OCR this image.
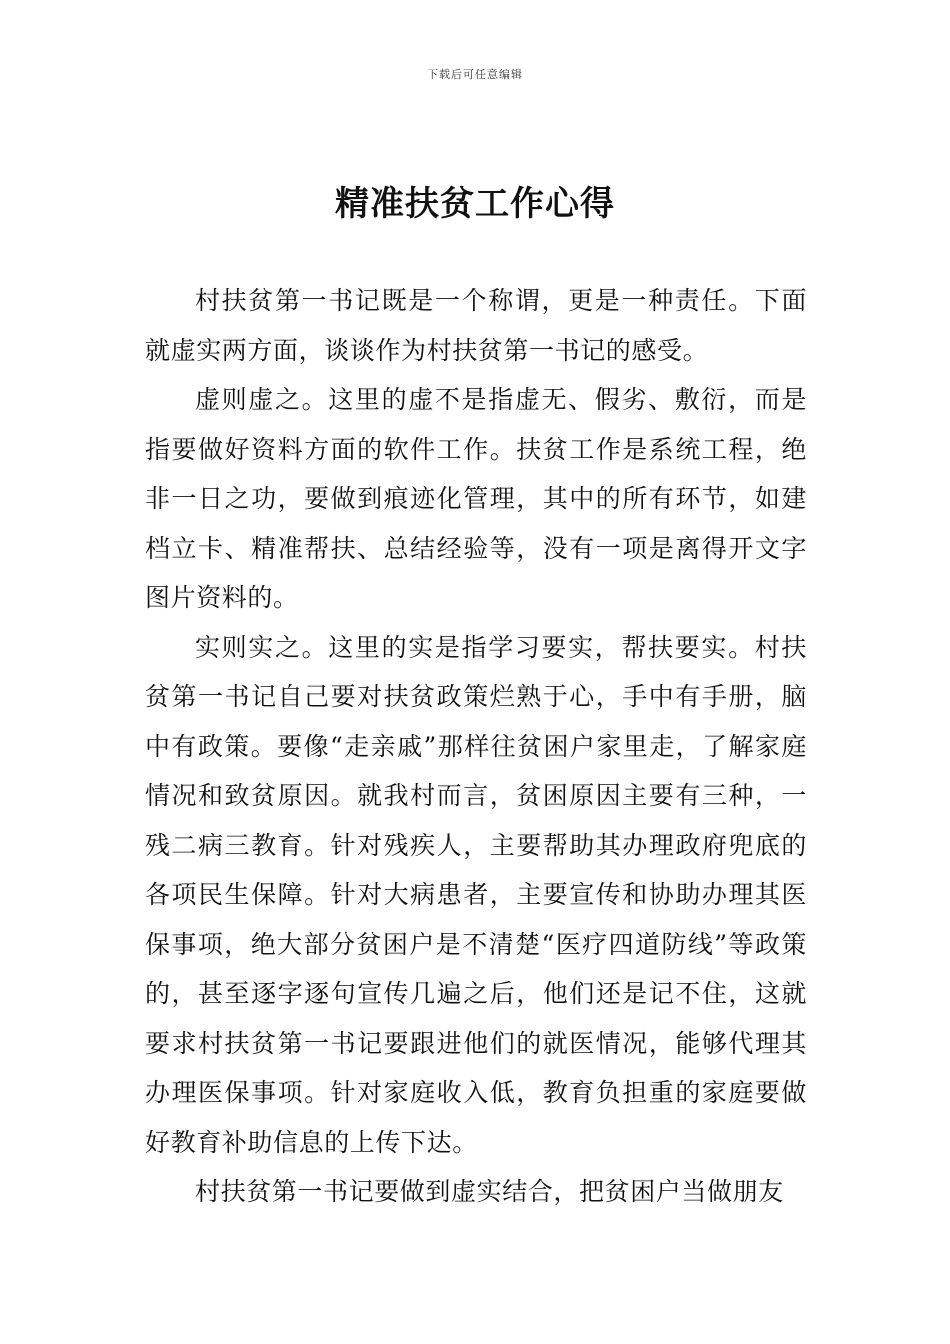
下载后可任意编辑
精准扶贫工作心得

村扶贫第一书记既是一个称谓，更是一种责任。下面就虚实两方面，谈谈作为村扶贫第一书记的感受。

虚则虚之。这里的虚不是指虚无、假劣、敷衍，而是指要做好资料方面的软件工作。扶贫工作是系统工程，绝非一日之功，要做到痕迹化管理，其中的所有环节，如建档立卡、精准帮扶、总结经验等，没有一项是离得开文字图片资料的。

实则实之。这里的实是指学习要实，帮扶要实。村扶贫第一书记自己要对扶贫政策烂熟于心，手中有手册，脑中有政策。要像“走亲戚”那样往贫困户家里走，了解家庭情况和致贫原因。就我村而言，贫困原因主要有三种，一残二病三教育。针对残疾人，主要帮助其办理政府兜底的各项民生保障。针对大病患者，主要宣传和协助办理其医保事项，绝大部分贫困户是不清楚“医疗四道防线”等政策的，甚至逐字逐句宣传几遍之后，他们还是记不住，这就要求村扶贫第一书记要跟进他们的就医情况，能够代理其办理医保事项。针对家庭收入低，教育负担重的家庭要做好教育补助信息的上传下达。

村扶贫第一书记要做到虚实结合，把贫困户当做朋友
